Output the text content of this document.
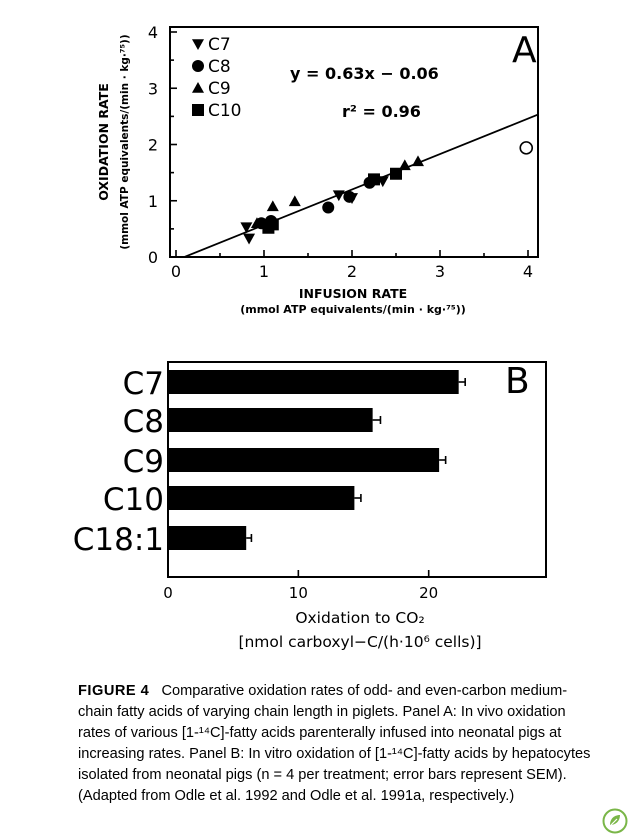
A
0	1	2	3	4
0
1
2
3
4
C7
C8
C9
C10
y = 0.63x − 0.06
r² = 0.96
INFUSION RATE
(mmol ATP equivalents/(min · kg·⁷⁵))
OXIDATION RATE (mmol ATP equivalents/(min · kg·⁷⁵))
B
C7
C8
C9
C10
C18:1
0	10	20
Oxidation to CO₂
[nmol carboxyl−C/(h·10⁶ cells)]
FIGURE 4 Comparative oxidation rates of odd- and even-carbon medium-chain fatty acids of varying chain length in piglets. Panel A: In vivo oxidation rates of various [1-¹⁴C]-fatty acids parenterally infused into neonatal pigs at increasing rates. Panel B: In vitro oxidation of [1-¹⁴C]-fatty acids by hepatocytes isolated from neonatal pigs (n = 4 per treatment; error bars represent SEM). (Adapted from Odle et al. 1992 and Odle et al. 1991a, respectively.)
